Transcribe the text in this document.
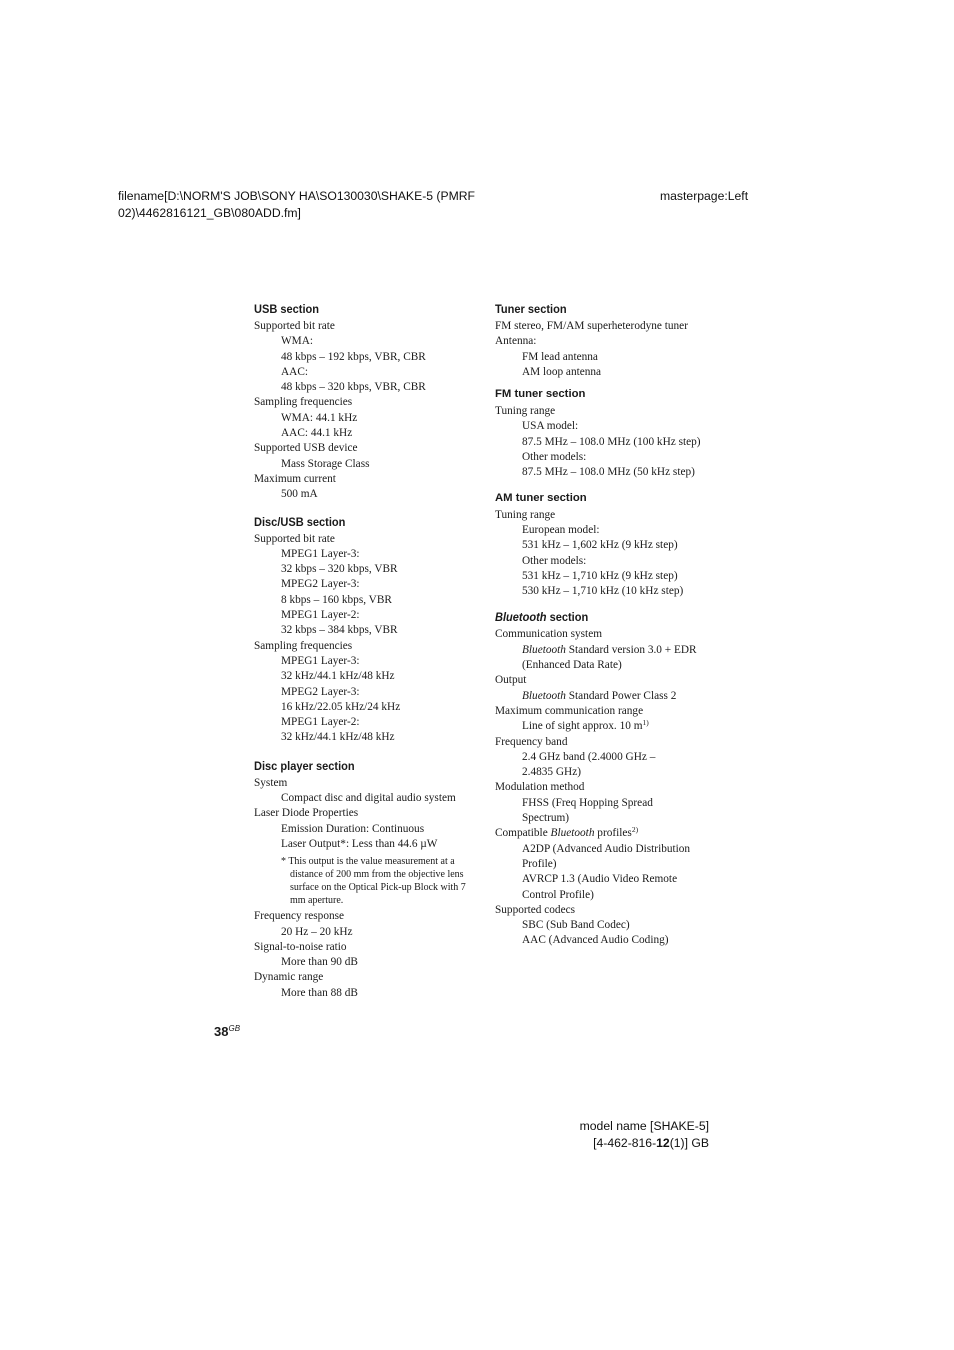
filename[D:\NORM'S JOB\SONY HA\SO130030\SHAKE-5 (PMRF
02)\4462816121_GB\080ADD.fm]
masterpage:Left
USB section
Supported bit rate
WMA:
48 kbps – 192 kbps, VBR, CBR
AAC:
48 kbps – 320 kbps, VBR, CBR
Sampling frequencies
WMA: 44.1 kHz
AAC: 44.1 kHz
Supported USB device
Mass Storage Class
Maximum current
500 mA
Disc/USB section
Supported bit rate
MPEG1 Layer-3:
32 kbps – 320 kbps, VBR
MPEG2 Layer-3:
8 kbps – 160 kbps, VBR
MPEG1 Layer-2:
32 kbps – 384 kbps, VBR
Sampling frequencies
MPEG1 Layer-3:
32 kHz/44.1 kHz/48 kHz
MPEG2 Layer-3:
16 kHz/22.05 kHz/24 kHz
MPEG1 Layer-2:
32 kHz/44.1 kHz/48 kHz
Disc player section
System
Compact disc and digital audio system
Laser Diode Properties
Emission Duration: Continuous
Laser Output*: Less than 44.6 µW
* This output is the value measurement at a distance of 200 mm from the objective lens surface on the Optical Pick-up Block with 7 mm aperture.
Frequency response
20 Hz – 20 kHz
Signal-to-noise ratio
More than 90 dB
Dynamic range
More than 88 dB
Tuner section
FM stereo, FM/AM superheterodyne tuner
Antenna:
FM lead antenna
AM loop antenna
FM tuner section
Tuning range
USA model:
87.5 MHz – 108.0 MHz (100 kHz step)
Other models:
87.5 MHz – 108.0 MHz (50 kHz step)
AM tuner section
Tuning range
European model:
531 kHz – 1,602 kHz (9 kHz step)
Other models:
531 kHz – 1,710 kHz (9 kHz step)
530 kHz – 1,710 kHz (10 kHz step)
Bluetooth section
Communication system
Bluetooth Standard version 3.0 + EDR
(Enhanced Data Rate)
Output
Bluetooth Standard Power Class 2
Maximum communication range
Line of sight approx. 10 $m^{1)}$
Frequency band
2.4 GHz band (2.4000 GHz –
2.4835 GHz)
Modulation method
FHSS (Freq Hopping Spread
Spectrum)
Compatible Bluetooth profiles$^{2)}$
A2DP (Advanced Audio Distribution
Profile)
AVRCP 1.3 (Audio Video Remote
Control Profile)
Supported codecs
SBC (Sub Band Codec)
AAC (Advanced Audio Coding)
$38^{GB}$
model name [SHAKE-5]
[4-462-816-12(1)] GB
